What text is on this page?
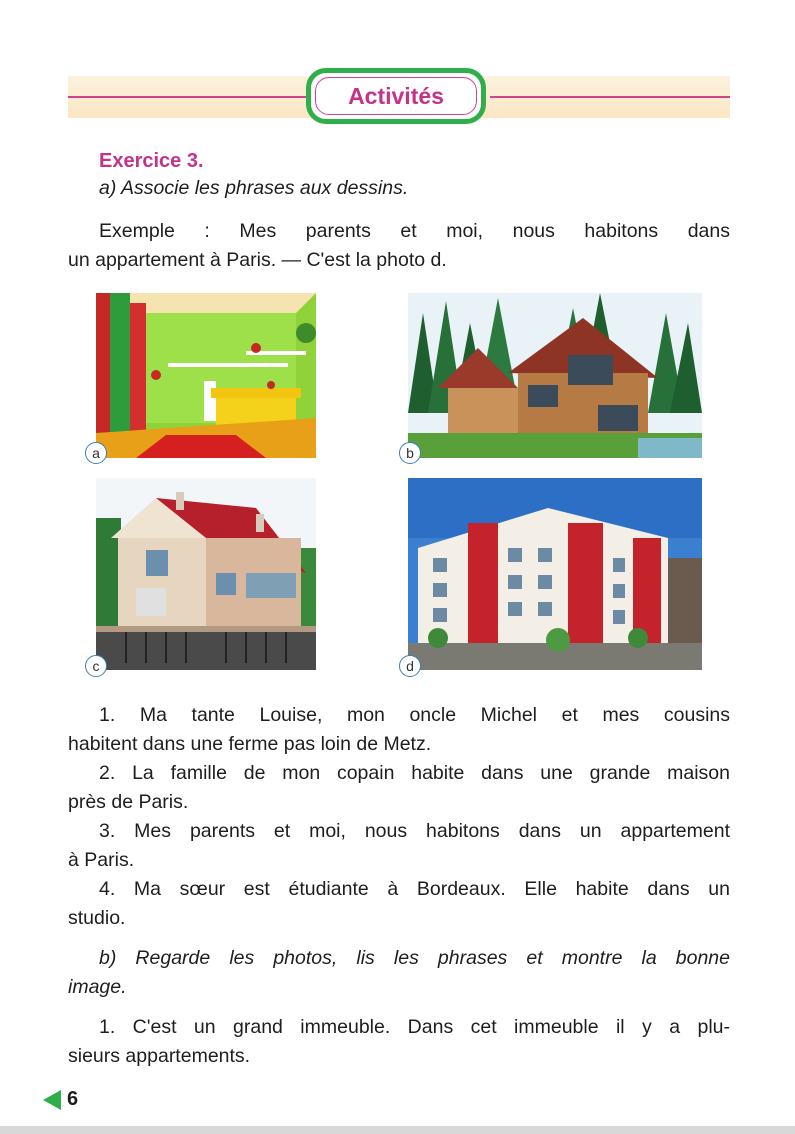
Activités
Exercice 3.
a) Associe les phrases aux dessins.
Exemple : Mes parents et moi, nous habitons dans
un appartement à Paris. — C'est la photo d.
a	b
c	d
1. Ma tante Louise, mon oncle Michel et mes cousins
habitent dans une ferme pas loin de Metz.
2. La famille de mon copain habite dans une grande maison
près de Paris.
3. Mes parents et moi, nous habitons dans un appartement
à Paris.
4. Ma sœur est étudiante à Bordeaux. Elle habite dans un
studio.
b) Regarde les photos, lis les phrases et montre la bonne
image.
1. C'est un grand immeuble. Dans cet immeuble il y a plu-
sieurs appartements.
6
